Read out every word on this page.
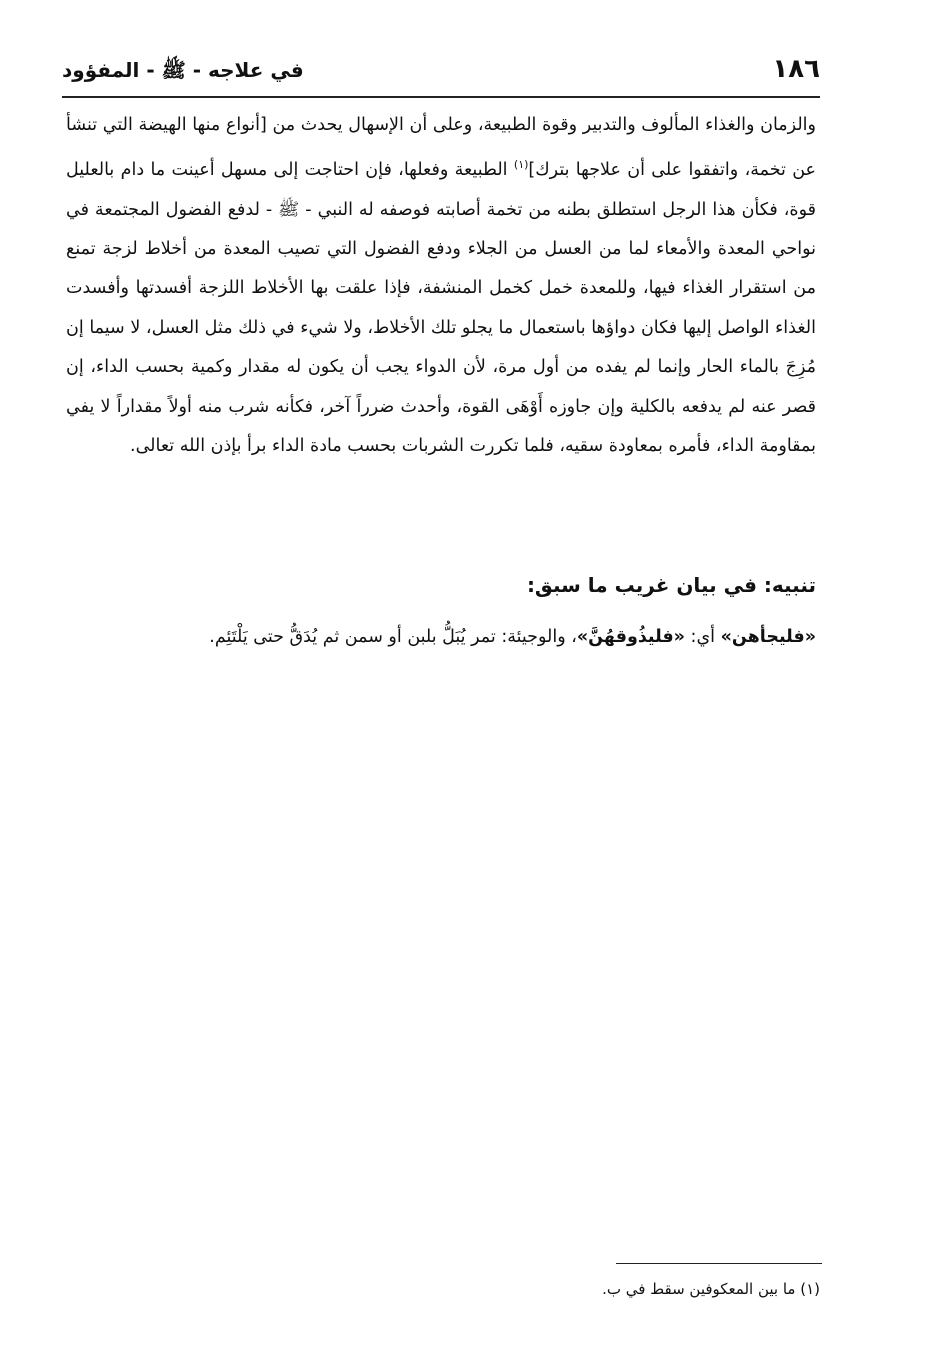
١٨٦
في علاجه - ﷺ - المفؤود

والزمان والغذاء المألوف والتدبير وقوة الطبيعة، وعلى أن الإسهال يحدث من [أنواع منها الهيضة التي تنشأ عن تخمة، واتفقوا على أن علاجها بترك]$^{(١)}$ الطبيعة وفعلها، فإن احتاجت إلى مسهل أعينت ما دام بالعليل قوة، فكأن هذا الرجل استطلق بطنه من تخمة أصابته فوصفه له النبي - ﷺ - لدفع الفضول المجتمعة في نواحي المعدة والأمعاء لما من العسل من الجلاء ودفع الفضول التي تصيب المعدة من أخلاط لزجة تمنع من استقرار الغذاء فيها، وللمعدة خمل كخمل المنشفة، فإذا علقت بها الأخلاط اللزجة أفسدتها وأفسدت الغذاء الواصل إليها فكان دواؤها باستعمال ما يجلو تلك الأخلاط، ولا شيء في ذلك مثل العسل، لا سيما إن مُزِجَ بالماء الحار وإنما لم يفده من أول مرة، لأن الدواء يجب أن يكون له مقدار وكمية بحسب الداء، إن قصر عنه لم يدفعه بالكلية وإن جاوزه أَوْهَى القوة، وأحدث ضرراً آخر، فكأنه شرب منه أولاً مقداراً لا يفي بمقاومة الداء، فأمره بمعاودة سقيه، فلما تكررت الشربات بحسب مادة الداء برأ بإذن الله تعالى.

تنبيه: في بيان غريب ما سبق:
«فليجأهن» أي: «فليذُوقهُنَّ»، والوجيئة: تمر يُبَلُّ بلبن أو سمن ثم يُدَقُّ حتى يَلْتَئِم.
(١) ما بين المعكوفين سقط في ب.
